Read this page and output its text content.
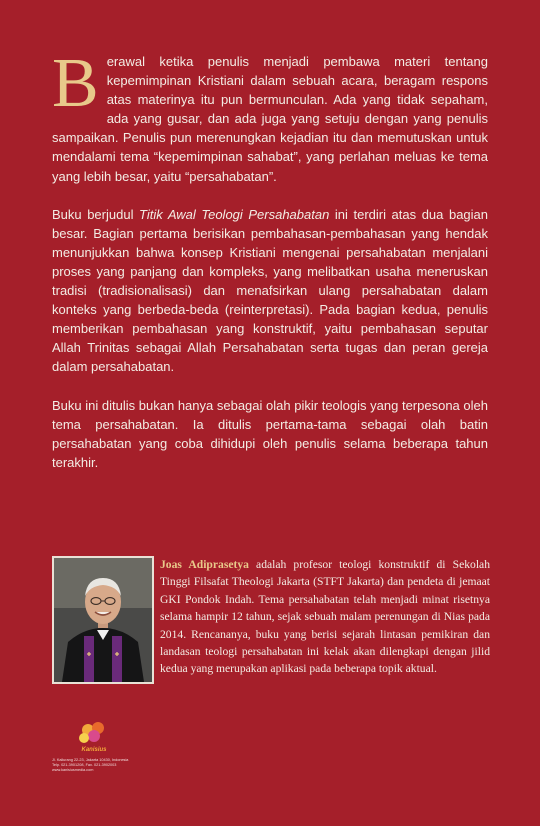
Berawal ketika penulis menjadi pembawa materi tentang kepemimpinan Kristiani dalam sebuah acara, beragam respons atas materinya itu pun bermunculan. Ada yang tidak sepaham, ada yang gusar, dan ada juga yang setuju dengan yang penulis sampaikan. Penulis pun merenungkan kejadian itu dan memutuskan untuk mendalami tema “kepemimpinan sahabat”, yang perlahan meluas ke tema yang lebih besar, yaitu “persahabatan”.

Buku berjudul Titik Awal Teologi Persahabatan ini terdiri atas dua bagian besar. Bagian pertama berisikan pembahasan-pembahasan yang hendak menunjukkan bahwa konsep Kristiani mengenai persahabatan menjalani proses yang panjang dan kompleks, yang melibatkan usaha meneruskan tradisi (tradisionalisasi) dan menafsirkan ulang persahabatan dalam konteks yang berbeda-beda (reinterpretasi). Pada bagian kedua, penulis memberikan pembahasan yang konstruktif, yaitu pembahasan seputar Allah Trinitas sebagai Allah Persahabatan serta tugas dan peran gereja dalam persahabatan.

Buku ini ditulis bukan hanya sebagai olah pikir teologis yang terpesona oleh tema persahabatan. Ia ditulis pertama-tama sebagai olah batin persahabatan yang coba dihidupi oleh penulis selama beberapa tahun terakhir.

Joas Adiprasetya adalah profesor teologi konstruktif di Sekolah Tinggi Filsafat Theologi Jakarta (STFT Jakarta) dan pendeta di jemaat GKI Pondok Indah. Tema persahabatan telah menjadi minat risetnya selama hampir 12 tahun, sejak sebuah malam perenungan di Nias pada 2014. Rencananya, buku yang berisi sejarah lintasan pemikiran dan landasan teologi persahabatan ini kelak akan dilengkapi dengan jilid kedua yang merupakan aplikasi pada beberapa topik aktual.
Kanisius
Jl. Kaliurang 22-23, Jakarta 10430, Indonesia
Telp. 021-3901208, Fax. 021-3902003
www.kanisiusmedia.com
